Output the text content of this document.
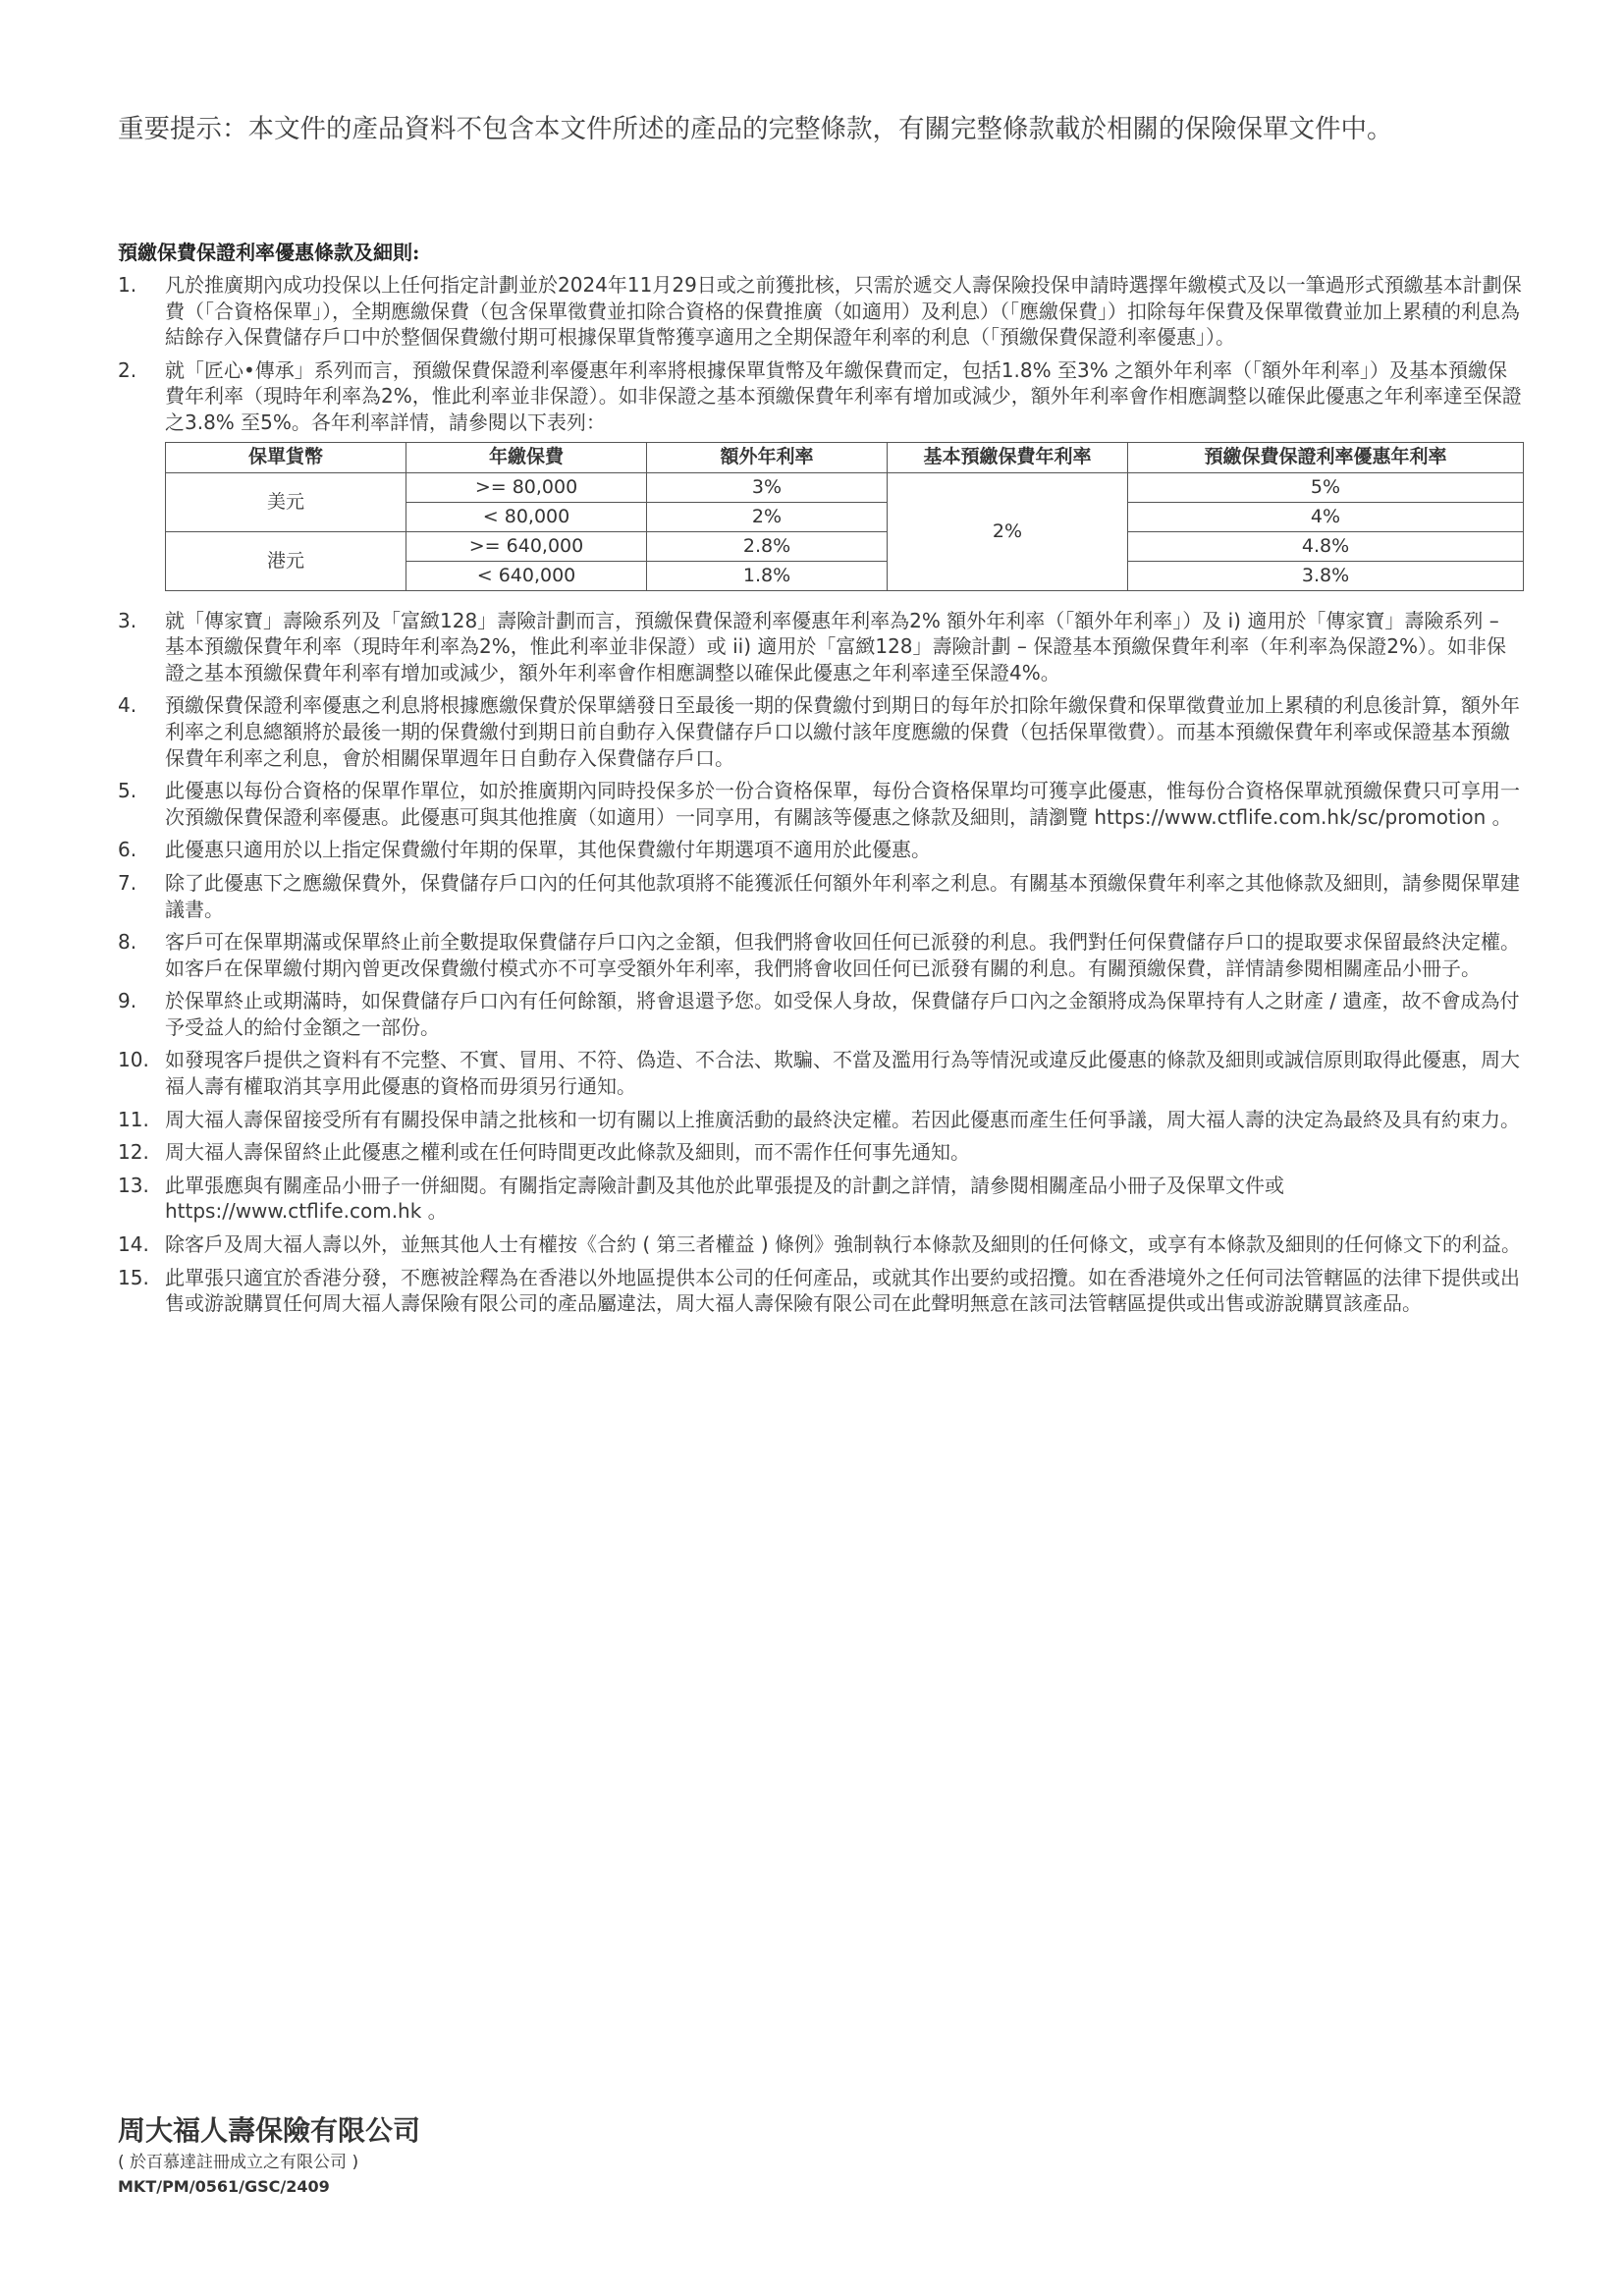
重要提示：本文件的產品資料不包含本文件所述的產品的完整條款，有關完整條款載於相關的保險保單文件中。
預繳保費保證利率優惠條款及細則:
1.	凡於推廣期內成功投保以上任何指定計劃並於2024年11月29日或之前獲批核，只需於遞交人壽保險投保申請時選擇年繳模式及以一筆過形式預繳基本計劃保費（「合資格保單」），全期應繳保費（包含保單徵費並扣除合資格的保費推廣（如適用）及利息）（「應繳保費」）扣除每年保費及保單徵費並加上累積的利息為結餘存入保費儲存戶口中於整個保費繳付期可根據保單貨幣獲享適用之全期保證年利率的利息（「預繳保費保證利率優惠」）。
2.	就「匠心•傳承」系列而言，預繳保費保證利率優惠年利率將根據保單貨幣及年繳保費而定，包括1.8% 至3% 之額外年利率（「額外年利率」）及基本預繳保費年利率（現時年利率為2%，惟此利率並非保證）。如非保證之基本預繳保費年利率有增加或減少，額外年利率會作相應調整以確保此優惠之年利率達至保證之3.8% 至5%。各年利率詳情，請參閱以下表列：
保單貨幣	年繳保費	額外年利率	基本預繳保費年利率	預繳保費保證利率優惠年利率
美元	>= 80,000	3%	2%	5%
	< 80,000	2%		4%
港元	>= 640,000	2.8%		4.8%
	< 640,000	1.8%		3.8%
3.	就「傳家寶」壽險系列及「富緻128」壽險計劃而言，預繳保費保證利率優惠年利率為2% 額外年利率（「額外年利率」）及 i) 適用於「傳家寶」壽險系列 – 基本預繳保費年利率（現時年利率為2%，惟此利率並非保證）或 ii) 適用於「富緻128」壽險計劃 – 保證基本預繳保費年利率（年利率為保證2%）。如非保證之基本預繳保費年利率有增加或減少，額外年利率會作相應調整以確保此優惠之年利率達至保證4%。
4.	預繳保費保證利率優惠之利息將根據應繳保費於保單繕發日至最後一期的保費繳付到期日的每年於扣除年繳保費和保單徵費並加上累積的利息後計算，額外年利率之利息總額將於最後一期的保費繳付到期日前自動存入保費儲存戶口以繳付該年度應繳的保費（包括保單徵費）。而基本預繳保費年利率或保證基本預繳保費年利率之利息，會於相關保單週年日自動存入保費儲存戶口。
5.	此優惠以每份合資格的保單作單位，如於推廣期內同時投保多於一份合資格保單，每份合資格保單均可獲享此優惠，惟每份合資格保單就預繳保費只可享用一次預繳保費保證利率優惠。此優惠可與其他推廣（如適用）一同享用，有關該等優惠之條款及細則，請瀏覽 https://www.ctflife.com.hk/sc/promotion 。
6.	此優惠只適用於以上指定保費繳付年期的保單，其他保費繳付年期選項不適用於此優惠。
7.	除了此優惠下之應繳保費外，保費儲存戶口內的任何其他款項將不能獲派任何額外年利率之利息。有關基本預繳保費年利率之其他條款及細則，請參閱保單建議書。
8.	客戶可在保單期滿或保單終止前全數提取保費儲存戶口內之金額，但我們將會收回任何已派發的利息。我們對任何保費儲存戶口的提取要求保留最終決定權。如客戶在保單繳付期內曾更改保費繳付模式亦不可享受額外年利率，我們將會收回任何已派發有關的利息。有關預繳保費，詳情請參閱相關產品小冊子。
9.	於保單終止或期滿時，如保費儲存戶口內有任何餘額，將會退還予您。如受保人身故，保費儲存戶口內之金額將成為保單持有人之財產 / 遺產，故不會成為付予受益人的給付金額之一部份。
10. 如發現客戶提供之資料有不完整、不實、冒用、不符、偽造、不合法、欺騙、不當及濫用行為等情況或違反此優惠的條款及細則或誠信原則取得此優惠，周大福人壽有權取消其享用此優惠的資格而毋須另行通知。
11. 周大福人壽保留接受所有有關投保申請之批核和一切有關以上推廣活動的最終決定權。若因此優惠而產生任何爭議，周大福人壽的決定為最終及具有約束力。
12. 周大福人壽保留終止此優惠之權利或在任何時間更改此條款及細則，而不需作任何事先通知。
13. 此單張應與有關產品小冊子一併細閱。有關指定壽險計劃及其他於此單張提及的計劃之詳情，請參閱相關產品小冊子及保單文件或 https://www.ctflife.com.hk 。
14. 除客戶及周大福人壽以外，並無其他人士有權按《合約 ( 第三者權益 ) 條例》強制執行本條款及細則的任何條文，或享有本條款及細則的任何條文下的利益。
15. 此單張只適宜於香港分發，不應被詮釋為在香港以外地區提供本公司的任何產品，或就其作出要約或招攬。如在香港境外之任何司法管轄區的法律下提供或出售或游說購買任何周大福人壽保險有限公司的產品屬違法，周大福人壽保險有限公司在此聲明無意在該司法管轄區提供或出售或游說購買該產品。
周大福人壽保險有限公司
( 於百慕達註冊成立之有限公司 )
MKT/PM/0561/GSC/2409
